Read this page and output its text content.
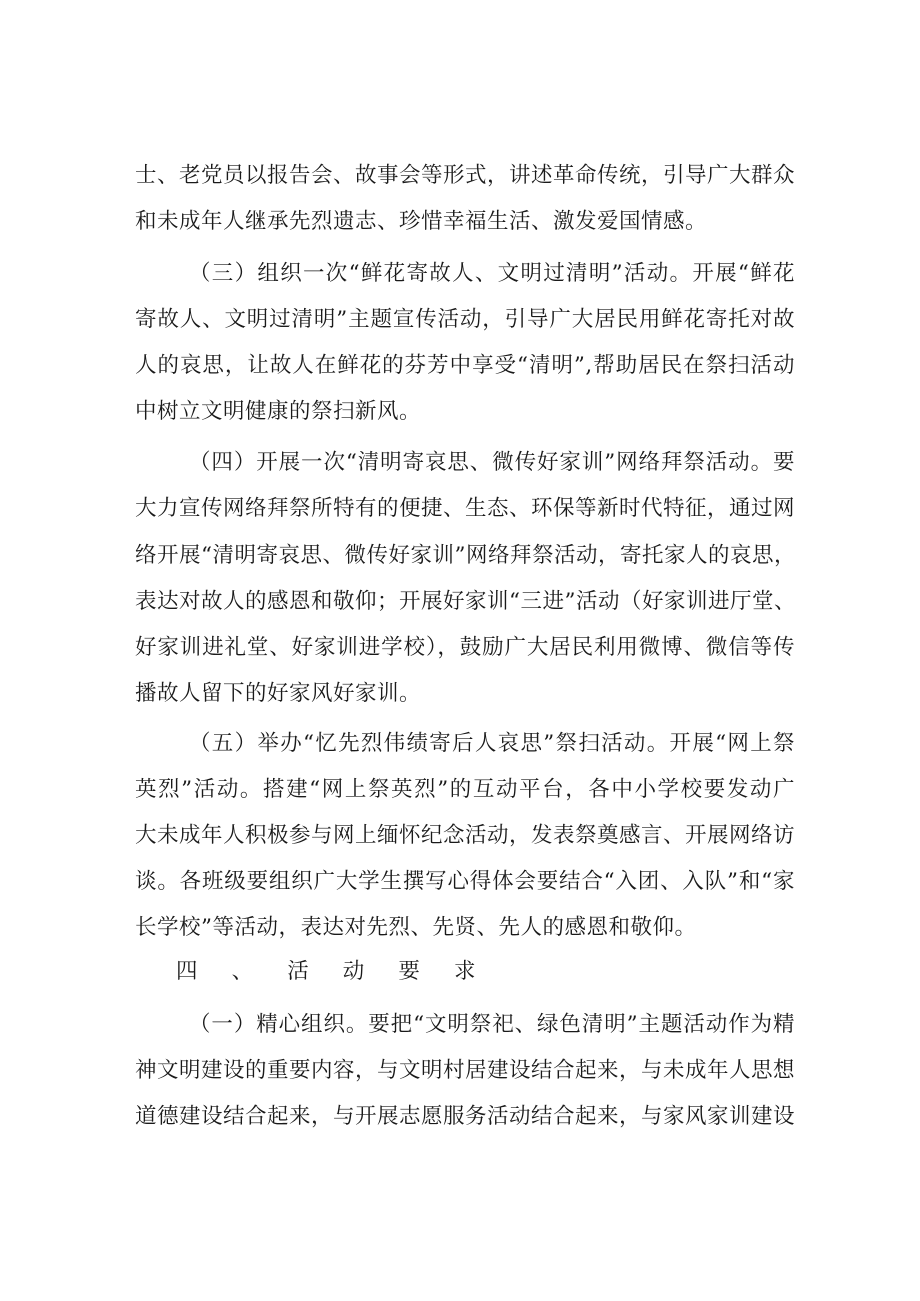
士、老党员以报告会、故事会等形式，讲述革命传统，引导广大群众
和未成年人继承先烈遗志、珍惜幸福生活、激发爱国情感。
（三）组织一次“鲜花寄故人、文明过清明”活动。开展“鲜花
寄故人、文明过清明”主题宣传活动，引导广大居民用鲜花寄托对故
人的哀思，让故人在鲜花的芬芳中享受“清明”,帮助居民在祭扫活动
中树立文明健康的祭扫新风。
（四）开展一次“清明寄哀思、微传好家训”网络拜祭活动。要
大力宣传网络拜祭所特有的便捷、生态、环保等新时代特征，通过网
络开展“清明寄哀思、微传好家训”网络拜祭活动，寄托家人的哀思，
表达对故人的感恩和敬仰；开展好家训“三进”活动（好家训进厅堂、
好家训进礼堂、好家训进学校），鼓励广大居民利用微博、微信等传
播故人留下的好家风好家训。
（五）举办“忆先烈伟绩寄后人哀思”祭扫活动。开展“网上祭
英烈”活动。搭建“网上祭英烈”的互动平台，各中小学校要发动广
大未成年人积极参与网上缅怀纪念活动，发表祭奠感言、开展网络访
谈。各班级要组织广大学生撰写心得体会要结合“入团、入队”和“家
长学校”等活动，表达对先烈、先贤、先人的感恩和敬仰。
四、活动要求
（一）精心组织。要把“文明祭祀、绿色清明”主题活动作为精
神文明建设的重要内容，与文明村居建设结合起来，与未成年人思想
道德建设结合起来，与开展志愿服务活动结合起来，与家风家训建设
